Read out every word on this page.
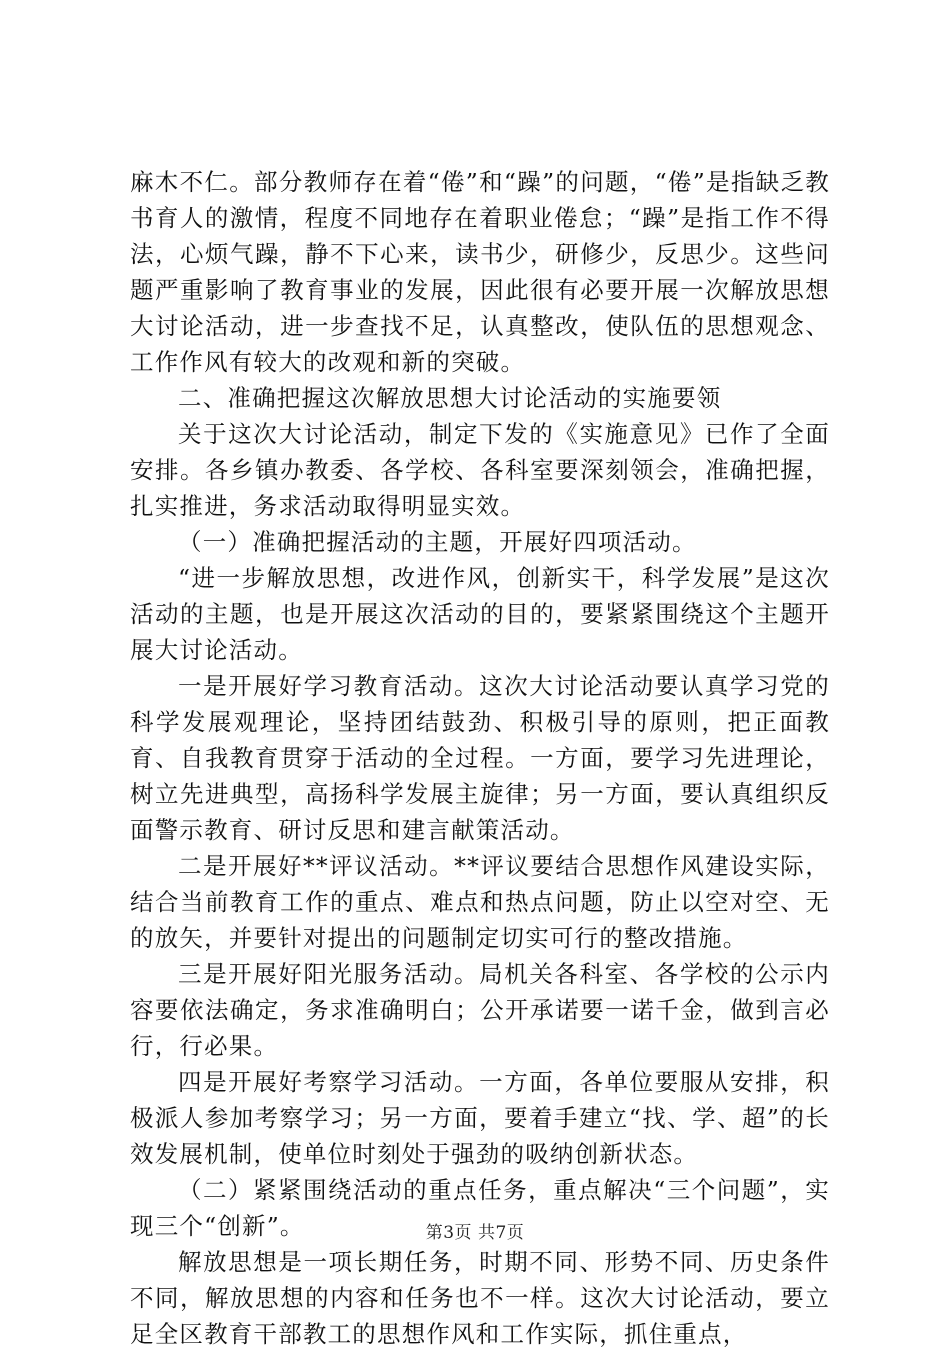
麻木不仁。部分教师存在着“倦”和“躁”的问题，“倦”是指缺乏教书育人的激情，程度不同地存在着职业倦怠；“躁”是指工作不得法，心烦气躁，静不下心来，读书少，研修少，反思少。这些问题严重影响了教育事业的发展，因此很有必要开展一次解放思想大讨论活动，进一步查找不足，认真整改，使队伍的思想观念、工作作风有较大的改观和新的突破。

二、准确把握这次解放思想大讨论活动的实施要领

关于这次大讨论活动，制定下发的《实施意见》已作了全面安排。各乡镇办教委、各学校、各科室要深刻领会，准确把握，扎实推进，务求活动取得明显实效。

（一）准确把握活动的主题，开展好四项活动。

“进一步解放思想，改进作风，创新实干，科学发展”是这次活动的主题，也是开展这次活动的目的，要紧紧围绕这个主题开展大讨论活动。

一是开展好学习教育活动。这次大讨论活动要认真学习党的科学发展观理论，坚持团结鼓劲、积极引导的原则，把正面教育、自我教育贯穿于活动的全过程。一方面，要学习先进理论，树立先进典型，高扬科学发展主旋律；另一方面，要认真组织反面警示教育、研讨反思和建言献策活动。

二是开展好**评议活动。**评议要结合思想作风建设实际，结合当前教育工作的重点、难点和热点问题，防止以空对空、无的放矢，并要针对提出的问题制定切实可行的整改措施。

三是开展好阳光服务活动。局机关各科室、各学校的公示内容要依法确定，务求准确明白；公开承诺要一诺千金，做到言必行，行必果。

四是开展好考察学习活动。一方面，各单位要服从安排，积极派人参加考察学习；另一方面，要着手建立“找、学、超”的长效发展机制，使单位时刻处于强劲的吸纳创新状态。

（二）紧紧围绕活动的重点任务，重点解决“三个问题”，实现三个“创新”。

解放思想是一项长期任务，时期不同、形势不同、历史条件不同，解放思想的内容和任务也不一样。这次大讨论活动，要立足全区教育干部教工的思想作风和工作实际，抓住重点，

第3页 共7页
